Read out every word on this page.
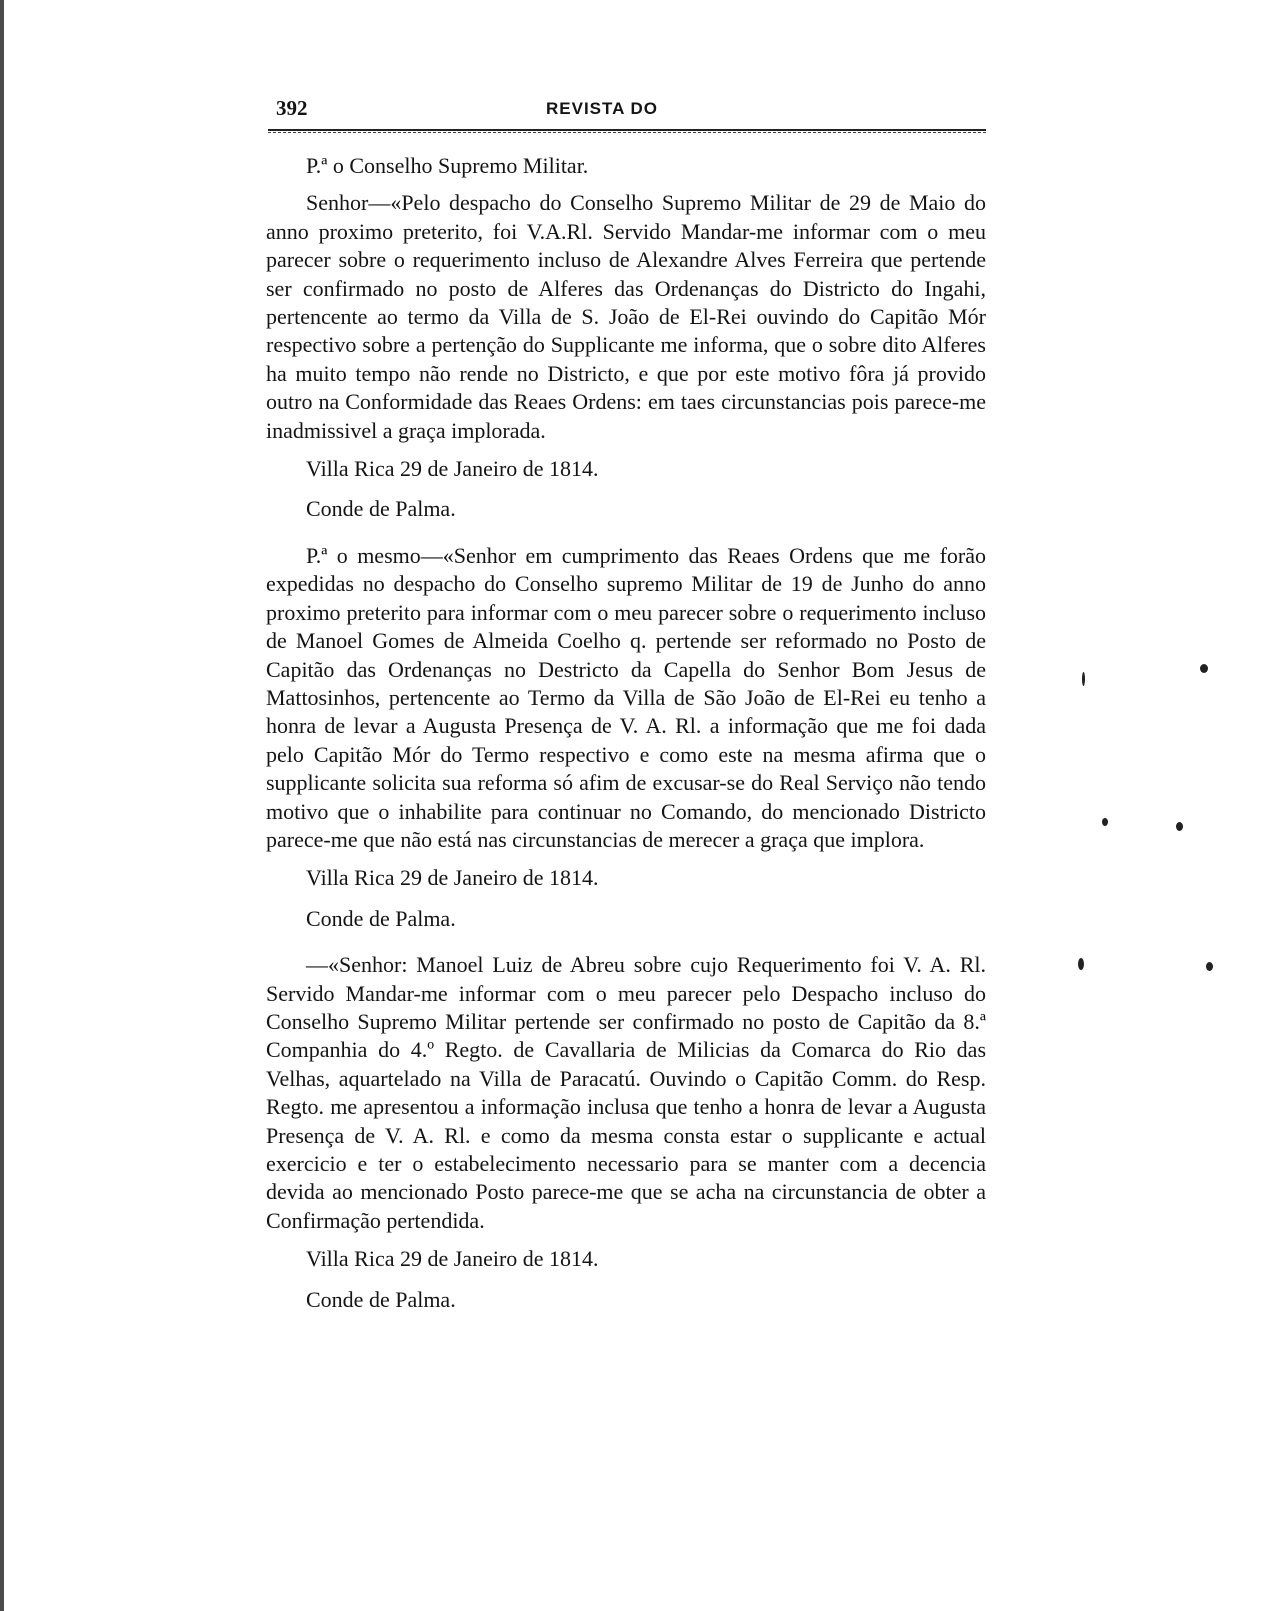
392	REVISTA DO

P.ª o Conselho Supremo Militar.

Senhor—«Pelo despacho do Conselho Supremo Militar de 29 de Maio do anno proximo preterito, foi V.A.Rl. Servido Mandar-me informar com o meu parecer sobre o requerimento incluso de Alexandre Alves Ferreira que pertende ser confirmado no posto de Alferes das Ordenanças do Districto do Ingahi, pertencente ao termo da Villa de S. João de El-Rei ouvindo do Capitão Mór respectivo sobre a pertenção do Supplicante me informa, que o sobre dito Alferes ha muito tempo não rende no Districto, e que por este motivo fôra já provido outro na Conformidade das Reaes Ordens: em taes circunstancias pois parece-me inadmissivel a graça implorada.

Villa Rica 29 de Janeiro de 1814.

Conde de Palma.

P.ª o mesmo—«Senhor em cumprimento das Reaes Ordens que me forão expedidas no despacho do Conselho supremo Militar de 19 de Junho do anno proximo preterito para informar com o meu parecer sobre o requerimento incluso de Manoel Gomes de Almeida Coelho q. pertende ser reformado no Posto de Capitão das Ordenanças no Destricto da Capella do Senhor Bom Jesus de Mattosinhos, pertencente ao Termo da Villa de São João de El-Rei eu tenho a honra de levar a Augusta Presença de V. A. Rl. a informação que me foi dada pelo Capitão Mór do Termo respectivo e como este na mesma afirma que o supplicante solicita sua reforma só afim de excusar-se do Real Serviço não tendo motivo que o inhabilite para continuar no Comando, do mencionado Districto parece-me que não está nas circunstancias de merecer a graça que implora.

Villa Rica 29 de Janeiro de 1814.

Conde de Palma.

—«Senhor: Manoel Luiz de Abreu sobre cujo Requerimento foi V. A. Rl. Servido Mandar-me informar com o meu parecer pelo Despacho incluso do Conselho Supremo Militar pertende ser confirmado no posto de Capitão da 8.ª Companhia do 4.º Regto. de Cavallaria de Milicias da Comarca do Rio das Velhas, aquartelado na Villa de Paracatú. Ouvindo o Capitão Comm. do Resp. Regto. me apresentou a informação inclusa que tenho a honra de levar a Augusta Presença de V. A. Rl. e como da mesma consta estar o supplicante e actual exercicio e ter o estabelecimento necessario para se manter com a decencia devida ao mencionado Posto parece-me que se acha na circunstancia de obter a Confirmação pertendida.

Villa Rica 29 de Janeiro de 1814.

Conde de Palma.
